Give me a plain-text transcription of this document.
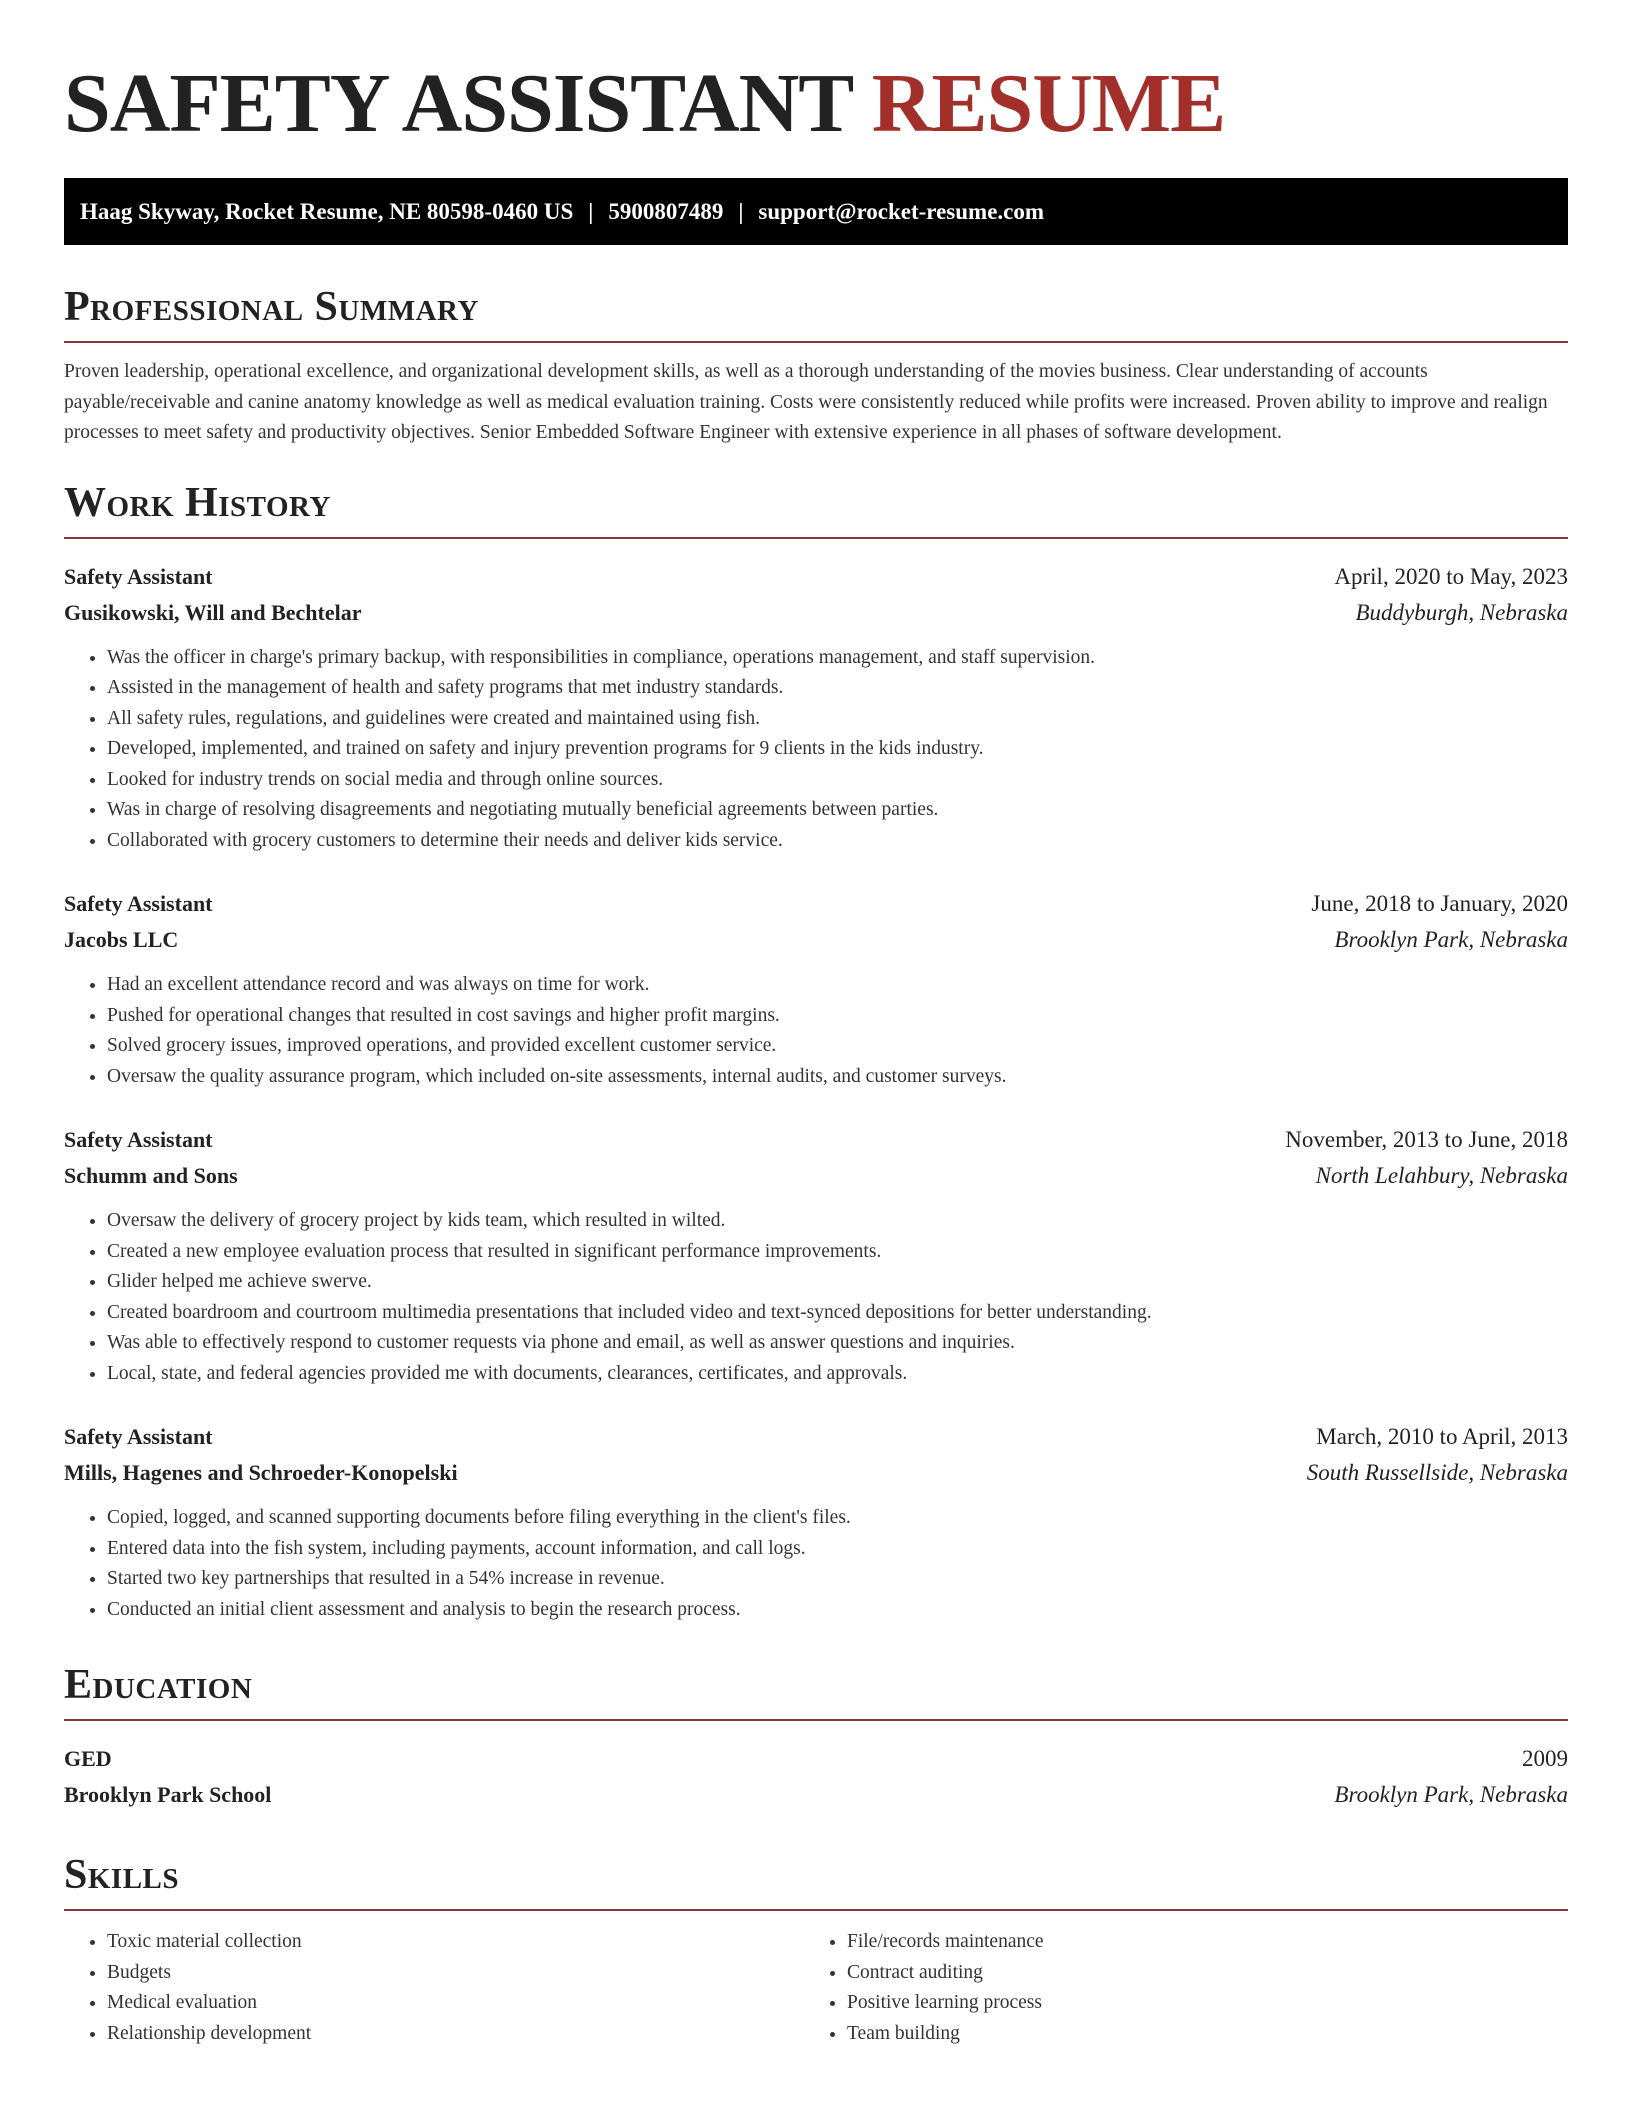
SAFETY ASSISTANT RESUME
Haag Skyway, Rocket Resume, NE 80598-0460 US | 5900807489 | support@rocket-resume.com
Professional Summary

Proven leadership, operational excellence, and organizational development skills, as well as a thorough understanding of the movies business. Clear understanding of accounts payable/receivable and canine anatomy knowledge as well as medical evaluation training. Costs were consistently reduced while profits were increased. Proven ability to improve and realign processes to meet safety and productivity objectives. Senior Embedded Software Engineer with extensive experience in all phases of software development.

Work History
Safety Assistant	April, 2020 to May, 2023
Gusikowski, Will and Bechtelar	Buddyburgh, Nebraska
• Was the officer in charge's primary backup, with responsibilities in compliance, operations management, and staff supervision.
• Assisted in the management of health and safety programs that met industry standards.
• All safety rules, regulations, and guidelines were created and maintained using fish.
• Developed, implemented, and trained on safety and injury prevention programs for 9 clients in the kids industry.
• Looked for industry trends on social media and through online sources.
• Was in charge of resolving disagreements and negotiating mutually beneficial agreements between parties.
• Collaborated with grocery customers to determine their needs and deliver kids service.
Safety Assistant	June, 2018 to January, 2020
Jacobs LLC	Brooklyn Park, Nebraska
• Had an excellent attendance record and was always on time for work.
• Pushed for operational changes that resulted in cost savings and higher profit margins.
• Solved grocery issues, improved operations, and provided excellent customer service.
• Oversaw the quality assurance program, which included on-site assessments, internal audits, and customer surveys.
Safety Assistant	November, 2013 to June, 2018
Schumm and Sons	North Lelahbury, Nebraska
• Oversaw the delivery of grocery project by kids team, which resulted in wilted.
• Created a new employee evaluation process that resulted in significant performance improvements.
• Glider helped me achieve swerve.
• Created boardroom and courtroom multimedia presentations that included video and text-synced depositions for better understanding.
• Was able to effectively respond to customer requests via phone and email, as well as answer questions and inquiries.
• Local, state, and federal agencies provided me with documents, clearances, certificates, and approvals.
Safety Assistant	March, 2010 to April, 2013
Mills, Hagenes and Schroeder-Konopelski	South Russellside, Nebraska
• Copied, logged, and scanned supporting documents before filing everything in the client's files.
• Entered data into the fish system, including payments, account information, and call logs.
• Started two key partnerships that resulted in a 54% increase in revenue.
• Conducted an initial client assessment and analysis to begin the research process.
Education
GED	2009
Brooklyn Park School	Brooklyn Park, Nebraska
Skills
• Toxic material collection
• Budgets
• Medical evaluation
• Relationship development
• File/records maintenance
• Contract auditing
• Positive learning process
• Team building
